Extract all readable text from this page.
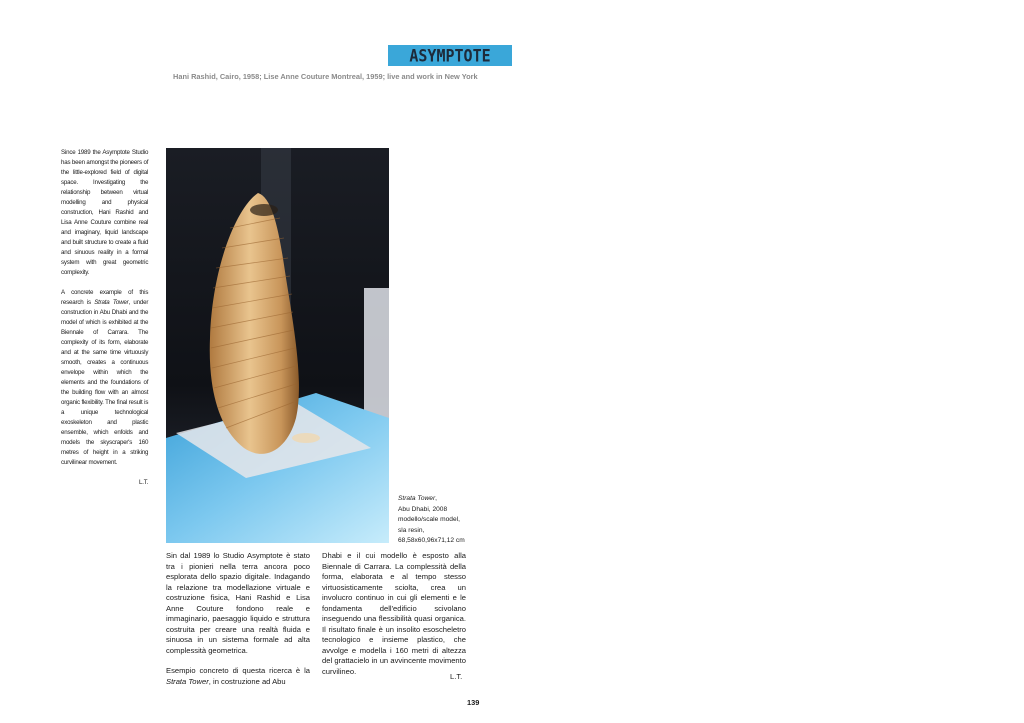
ASYMPTOTE
Hani Rashid, Cairo, 1958; Lise Anne Couture Montreal, 1959; live and work in New York

Since 1989 the Asymptote Studio has been amongst the pioneers of the little-explored field of digital space. Investigating the relationship between virtual modelling and physical construction, Hani Rashid and Lisa Anne Couture combine real and imaginary, liquid landscape and built structure to create a fluid and sinuous reality in a formal system with great geometric complexity.

A concrete example of this research is Strata Tower, under construction in Abu Dhabi and the model of which is exhibited at the Biennale of Carrara. The complexity of its form, elaborate and at the same time virtuously smooth, creates a continuous envelope within which the elements and the foundations of the building flow with an almost organic flexibility. The final result is a unique technological exoskeleton and plastic ensemble, which enfolds and models the skyscraper's 160 metres of height in a striking curvilinear movement.

L.T.

Strata Tower,
Abu Dhabi, 2008
modello/scale model,
sla resin,
68,58x60,96x71,12 cm

Sin dal 1989 lo Studio Asymptote è stato tra i pionieri nella terra ancora poco esplorata dello spazio digitale. Indagando la relazione tra modellazione virtuale e costruzione fisica, Hani Rashid e Lisa Anne Couture fondono reale e immaginario, paesaggio liquido e struttura costruita per creare una realtà fluida e sinuosa in un sistema formale ad alta complessità geometrica.

Esempio concreto di questa ricerca è la Strata Tower, in costruzione ad Abu

Dhabi e il cui modello è esposto alla Biennale di Carrara. La complessità della forma, elaborata e al tempo stesso virtuosisticamente sciolta, crea un involucro continuo in cui gli elementi e le fondamenta dell'edificio scivolano inseguendo una flessibilità quasi organica. Il risultato finale è un insolito esoscheletro tecnologico e insieme plastico, che avvolge e modella i 160 metri di altezza del grattacielo in un avvincente movimento curvilineo.

L.T.
139
